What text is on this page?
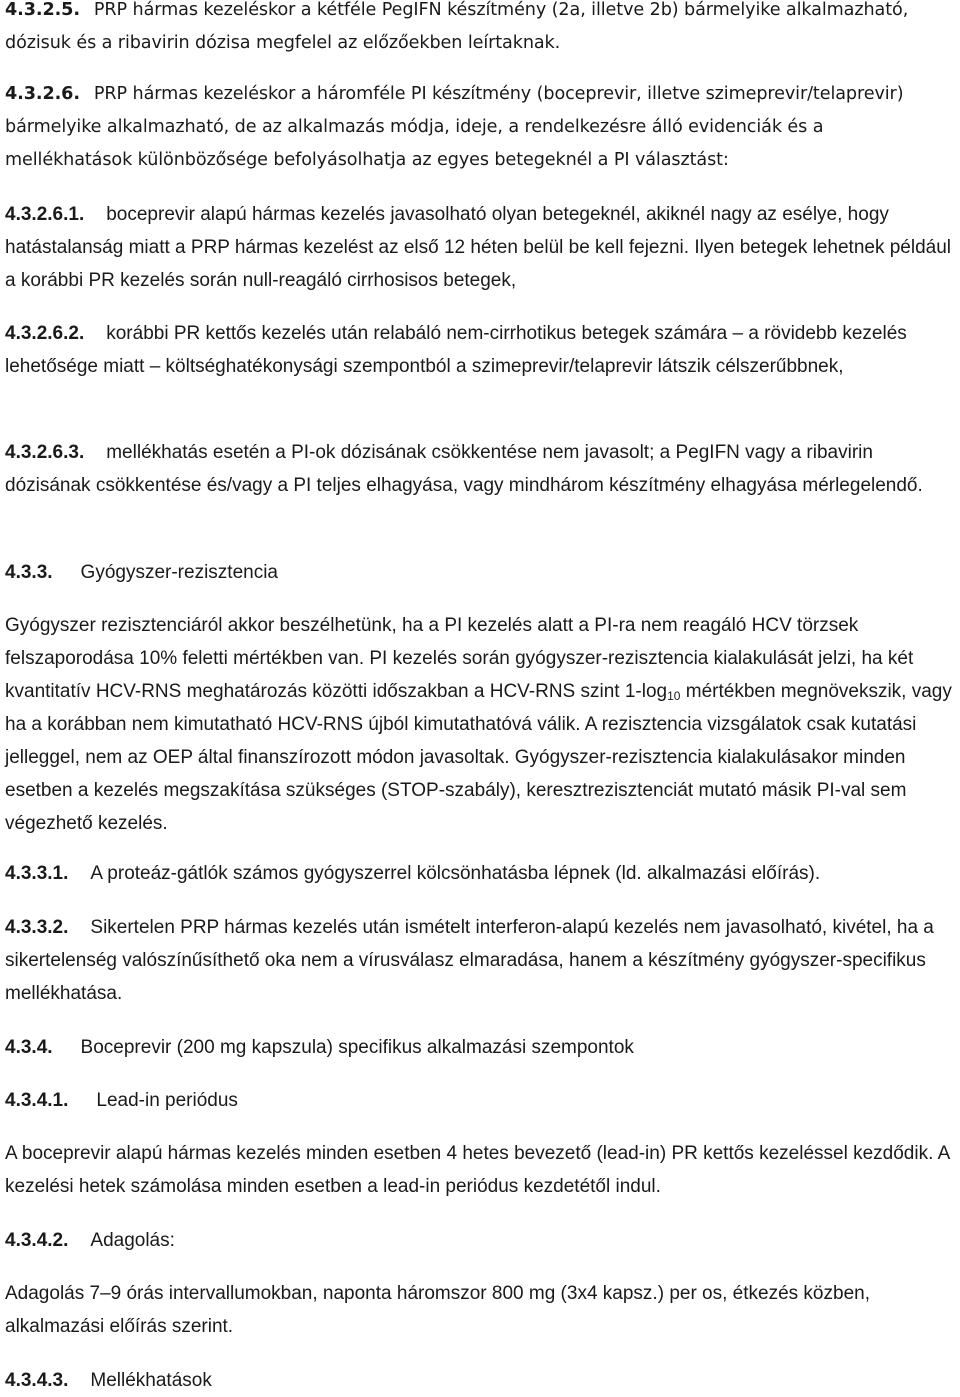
4.3.2.5. PRP hármas kezeléskor a kétféle PegIFN készítmény (2a, illetve 2b) bármelyike alkalmazható, dózisuk és a ribavirin dózisa megfelel az előzőekben leírtaknak.

4.3.2.6. PRP hármas kezeléskor a háromféle PI készítmény (boceprevir, illetve szimeprevir/telaprevir) bármelyike alkalmazható, de az alkalmazás módja, ideje, a rendelkezésre álló evidenciák és a mellékhatások különbözősége befolyásolhatja az egyes betegeknél a PI választást:

4.3.2.6.1. boceprevir alapú hármas kezelés javasolható olyan betegeknél, akiknél nagy az esélye, hogy hatástalanság miatt a PRP hármas kezelést az első 12 héten belül be kell fejezni. Ilyen betegek lehetnek például a korábbi PR kezelés során null-reagáló cirrhosisos betegek,

4.3.2.6.2. korábbi PR kettős kezelés után relabáló nem-cirrhotikus betegek számára – a rövidebb kezelés lehetősége miatt – költséghatékonysági szempontból a szimeprevir/telaprevir látszik célszerűbbnek,

4.3.2.6.3. mellékhatás esetén a PI-ok dózisának csökkentése nem javasolt; a PegIFN vagy a ribavirin dózisának csökkentése és/vagy a PI teljes elhagyása, vagy mindhárom készítmény elhagyása mérlegelendő.

4.3.3. Gyógyszer-rezisztencia

Gyógyszer rezisztenciáról akkor beszélhetünk, ha a PI kezelés alatt a PI-ra nem reagáló HCV törzsek felszaporodása 10% feletti mértékben van. PI kezelés során gyógyszer-rezisztencia kialakulását jelzi, ha két kvantitatív HCV-RNS meghatározás közötti időszakban a HCV-RNS szint $1-\log_{10}$ mértékben megnövekszik, vagy ha a korábban nem kimutatható HCV-RNS újból kimutathatóvá válik. A rezisztencia vizsgálatok csak kutatási jelleggel, nem az OEP által finanszírozott módon javasoltak. Gyógyszer-rezisztencia kialakulásakor minden esetben a kezelés megszakítása szükséges (STOP-szabály), keresztrezisztenciát mutató másik PI-val sem végezhető kezelés.

4.3.3.1. A proteáz-gátlók számos gyógyszerrel kölcsönhatásba lépnek (ld. alkalmazási előírás).

4.3.3.2. Sikertelen PRP hármas kezelés után ismételt interferon-alapú kezelés nem javasolható, kivétel, ha a sikertelenség valószínűsíthető oka nem a vírusválasz elmaradása, hanem a készítmény gyógyszer-specifikus mellékhatása.

4.3.4. Boceprevir (200 mg kapszula) specifikus alkalmazási szempontok

4.3.4.1. Lead-in periódus

A boceprevir alapú hármas kezelés minden esetben 4 hetes bevezető (lead-in) PR kettős kezeléssel kezdődik. A kezelési hetek számolása minden esetben a lead-in periódus kezdetétől indul.

4.3.4.2. Adagolás:

Adagolás 7–9 órás intervallumokban, naponta háromszor 800 mg (3x4 kapsz.) per os, étkezés közben, alkalmazási előírás szerint.

4.3.4.3. Mellékhatások
